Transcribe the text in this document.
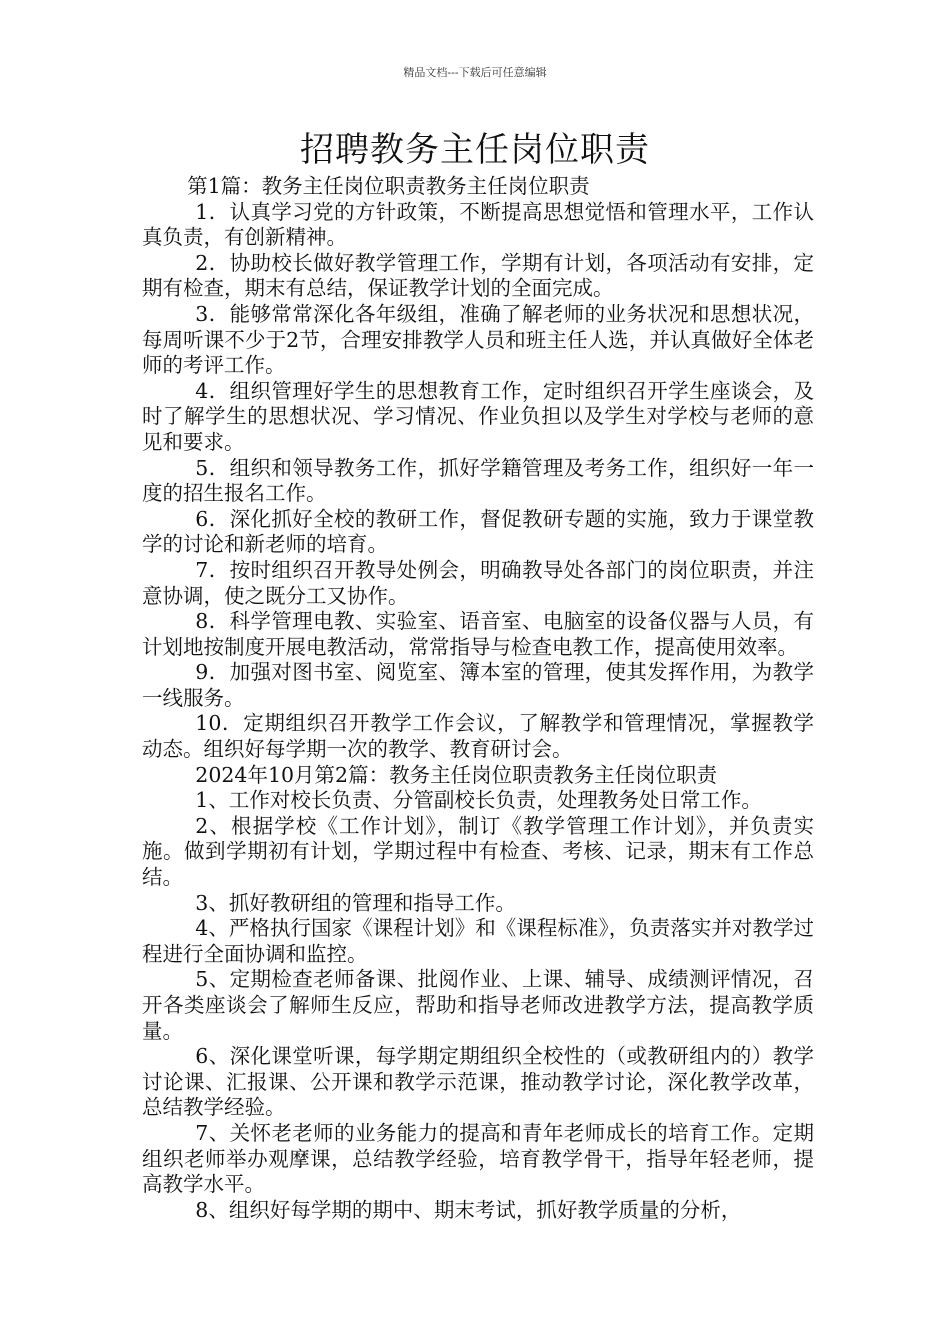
精品文档---下载后可任意编辑
招聘教务主任岗位职责

第1篇：教务主任岗位职责教务主任岗位职责

1．认真学习党的方针政策，不断提高思想觉悟和管理水平，工作认真负责，有创新精神。

2．协助校长做好教学管理工作，学期有计划，各项活动有安排，定期有检查，期末有总结，保证教学计划的全面完成。

3．能够常常深化各年级组，准确了解老师的业务状况和思想状况，每周听课不少于2节，合理安排教学人员和班主任人选，并认真做好全体老师的考评工作。

4．组织管理好学生的思想教育工作，定时组织召开学生座谈会，及时了解学生的思想状况、学习情况、作业负担以及学生对学校与老师的意见和要求。

5．组织和领导教务工作，抓好学籍管理及考务工作，组织好一年一度的招生报名工作。

6．深化抓好全校的教研工作，督促教研专题的实施，致力于课堂教学的讨论和新老师的培育。

7．按时组织召开教导处例会，明确教导处各部门的岗位职责，并注意协调，使之既分工又协作。

8．科学管理电教、实验室、语音室、电脑室的设备仪器与人员，有计划地按制度开展电教活动，常常指导与检查电教工作，提高使用效率。

9．加强对图书室、阅览室、簿本室的管理，使其发挥作用，为教学一线服务。

10．定期组织召开教学工作会议，了解教学和管理情况，掌握教学动态。组织好每学期一次的教学、教育研讨会。

2024年10月第2篇：教务主任岗位职责教务主任岗位职责

1、工作对校长负责、分管副校长负责，处理教务处日常工作。

2、根据学校《工作计划》，制订《教学管理工作计划》，并负责实施。做到学期初有计划，学期过程中有检查、考核、记录，期末有工作总结。

3、抓好教研组的管理和指导工作。

4、严格执行国家《课程计划》和《课程标准》，负责落实并对教学过程进行全面协调和监控。

5、定期检查老师备课、批阅作业、上课、辅导、成绩测评情况，召开各类座谈会了解师生反应，帮助和指导老师改进教学方法，提高教学质量。

6、深化课堂听课，每学期定期组织全校性的（或教研组内的）教学讨论课、汇报课、公开课和教学示范课，推动教学讨论，深化教学改革，总结教学经验。

7、关怀老老师的业务能力的提高和青年老师成长的培育工作。定期组织老师举办观摩课，总结教学经验，培育教学骨干，指导年轻老师，提高教学水平。

8、组织好每学期的期中、期末考试，抓好教学质量的分析，
